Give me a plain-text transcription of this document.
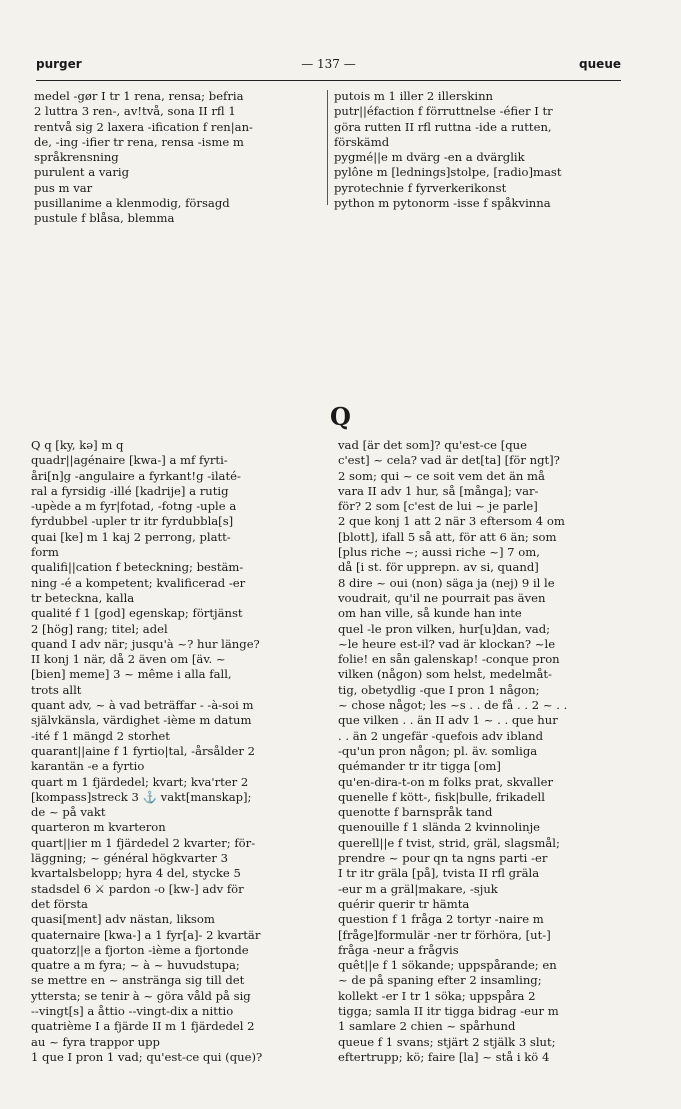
purger	— 137 —	queue

medel -gør I tr 1 rena, rensa; befria

2 luttra 3 ren-, av!två, sona II rfl 1

rentvå sig 2 laxera -ification f ren|an-

de, -ing -ifier tr rena, rensa -isme m

språkrensning

purulent a varig

pus m var

pusillanime a klenmodig, försagd

pustule f blåsa, blemma

putois m 1 iller 2 illerskinn

putr||éfaction f förruttnelse -éfier I tr

göra rutten II rfl ruttna -ide a rutten,

förskämd

pygmé||e m dvärg -en a dvärglik

pylône m [lednings]stolpe, [radio]mast

pyrotechnie f fyrverkerikonst

python m pytonorm -isse f spåkvinna

Q

Q q [ky, kə] m q

quadr||agénaire [kwa-] a mf fyrti-

åri[n]g -angulaire a fyrkant!g -ilaté-

ral a fyrsidig -illé [kadrije] a rutig

-upède a m fyr|fotad, -fotng -uple a

fyrdubbel -upler tr itr fyrdubbla[s]

quai [ke] m 1 kaj 2 perrong, platt-

form

qualifi||cation f beteckning; bestäm-

ning -é a kompetent; kvalificerad -er

tr beteckna, kalla

qualité f 1 [god] egenskap; förtjänst

2 [hög] rang; titel; adel

quand I adv när; jusqu'à ~? hur länge?

II konj 1 när, då 2 även om [äv. ~

[bien] meme] 3 ~ même i alla fall,

trots allt

quant adv, ~ à vad beträffar - -à-soi m

självkänsla, värdighet -ième m datum

-ité f 1 mängd 2 storhet

quarant||aine f 1 fyrtio|tal, -årsålder 2

karantän -e a fyrtio

quart m 1 fjärdedel; kvart; kva'rter 2

[kompass]streck 3 ⚓ vakt[manskap];

de ~ på vakt

quarteron m kvarteron

quart||ier m 1 fjärdedel 2 kvarter; för-

läggning; ~ général högkvarter 3

kvartalsbelopp; hyra 4 del, stycke 5

stadsdel 6 ⚔ pardon -o [kw-] adv för

det första

quasi[ment] adv nästan, liksom

quaternaire [kwa-] a 1 fyr[a]- 2 kvartär

quatorz||e a fjorton -ième a fjortonde

quatre a m fyra; ~ à ~ huvudstupa;

se mettre en ~ anstränga sig till det

yttersta; se tenir à ~ göra våld på sig

--vingt[s] a åttio --vingt-dix a nittio

quatrième I a fjärde II m 1 fjärdedel 2

au ~ fyra trappor upp

1 que I pron 1 vad; qu'est-ce qui (que)?

vad [är det som]? qu'est-ce [que

c'est] ~ cela? vad är det[ta] [för ngt]?

2 som; qui ~ ce soit vem det än må

vara II adv 1 hur, så [många]; var-

för? 2 som [c'est de lui ~ je parle]

2 que konj 1 att 2 när 3 eftersom 4 om

[blott], ifall 5 så att, för att 6 än; som

[plus riche ~; aussi riche ~] 7 om,

då [i st. för upprepn. av si, quand]

8 dire ~ oui (non) säga ja (nej) 9 il le

voudrait, qu'il ne pourrait pas även

om han ville, så kunde han inte

quel -le pron vilken, hur[u]dan, vad;

~le heure est-il? vad är klockan? ~le

folie! en sån galenskap! -conque pron

vilken (någon) som helst, medelmåt-

tig, obetydlig -que I pron 1 någon;

~ chose något; les ~s . . de få . . 2 ~ . .

que vilken . . än II adv 1 ~ . . que hur

. . än 2 ungefär -quefois adv ibland

-qu'un pron någon; pl. äv. somliga

quémander tr itr tigga [om]

qu'en-dira-t-on m folks prat, skvaller

quenelle f kött-, fisk|bulle, frikadell

quenotte f barnspråk tand

quenouille f 1 slända 2 kvinnolinje

querell||e f tvist, strid, gräl, slagsmål;

prendre ~ pour qn ta ngns parti -er

I tr itr gräla [på], tvista II rfl gräla

-eur m a gräl|makare, -sjuk

quérir querir tr hämta

question f 1 fråga 2 tortyr -naire m

[fråge]formulär -ner tr förhöra, [ut-]

fråga -neur a frågvis

quêt||e f 1 sökande; uppspårande; en

~ de på spaning efter 2 insamling;

kollekt -er I tr 1 söka; uppspåra 2

tigga; samla II itr tigga bidrag -eur m

1 samlare 2 chien ~ spårhund

queue f 1 svans; stjärt 2 stjälk 3 slut;

eftertrupp; kö; faire [la] ~ stå i kö 4
